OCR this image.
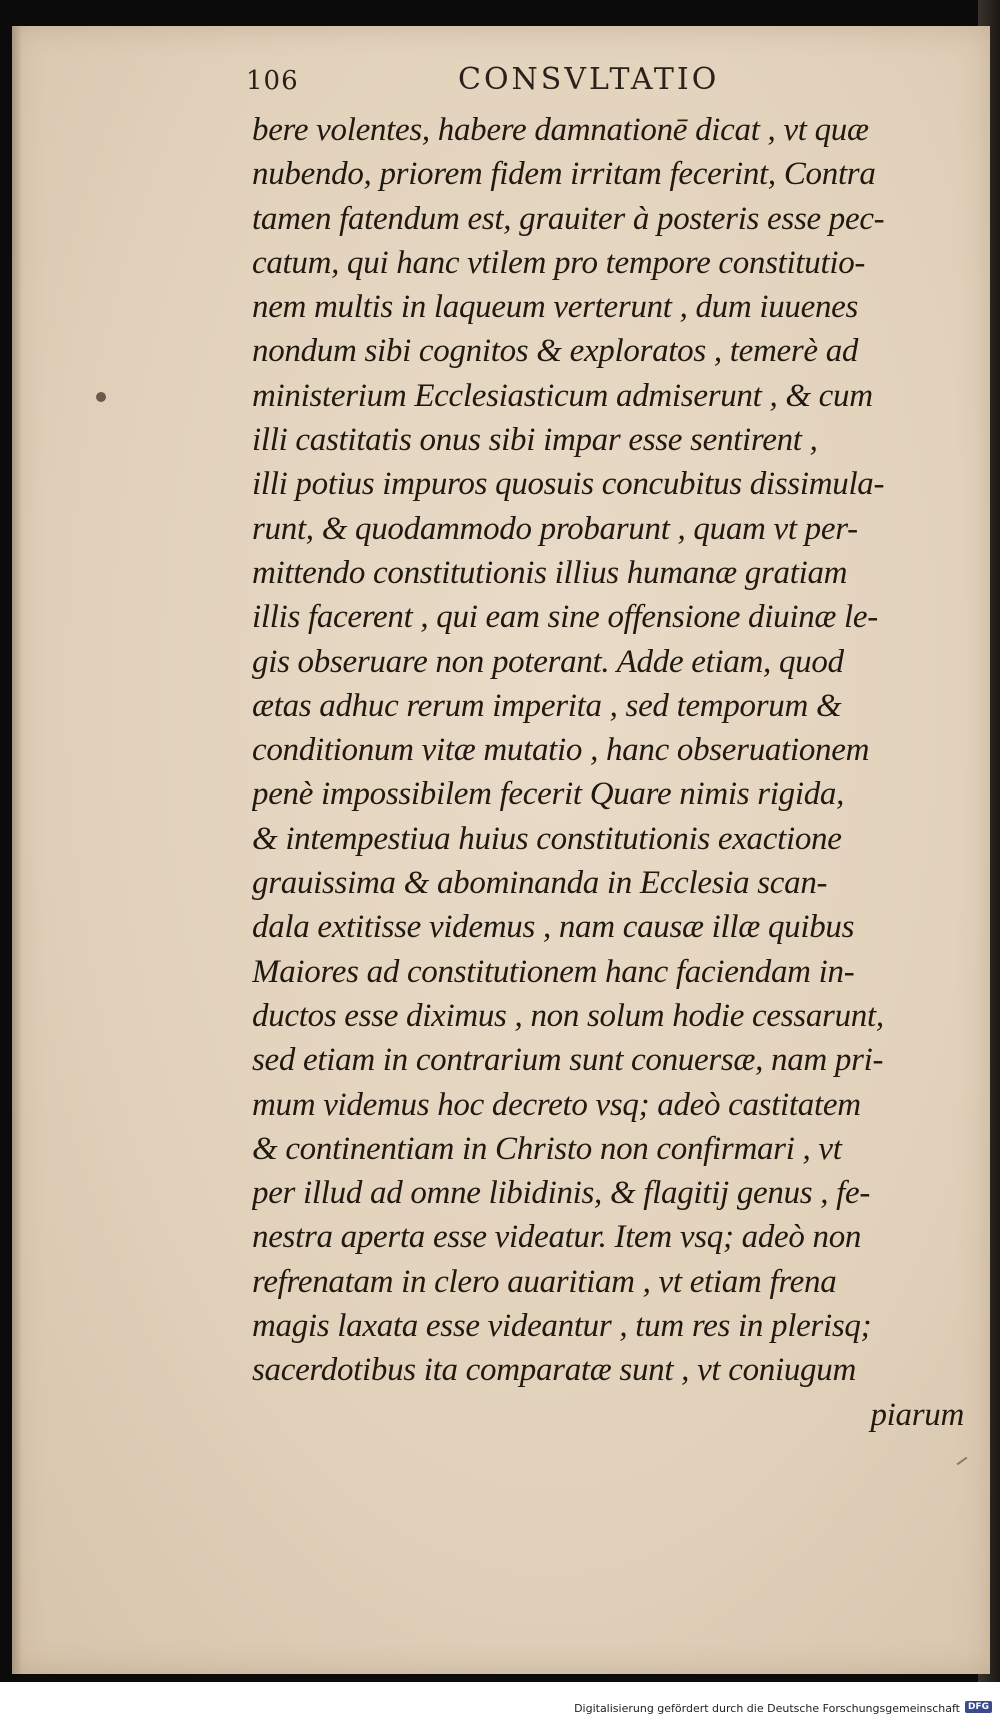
106	CONSVLTATIO
bere volentes, habere damnationē dicat , vt quæ
nubendo, priorem fidem irritam fecerint, Contra
tamen fatendum est, grauiter à posteris esse pec-
catum, qui hanc vtilem pro tempore constitutio-
nem multis in laqueum verterunt , dum iuuenes
nondum sibi cognitos & exploratos , temerè ad
ministerium Ecclesiasticum admiserunt , & cum
illi castitatis onus sibi impar esse sentirent ,
illi potius impuros quosuis concubitus dissimula-
runt, & quodammodo probarunt , quam vt per-
mittendo constitutionis illius humanæ gratiam
illis facerent , qui eam sine offensione diuinæ le-
gis obseruare non poterant. Adde etiam, quod
ætas adhuc rerum imperita , sed temporum &
conditionum vitæ mutatio , hanc obseruationem
penè impossibilem fecerit Quare nimis rigida,
& intempestiua huius constitutionis exactione
grauissima & abominanda in Ecclesia scan-
dala extitisse videmus , nam causæ illæ quibus
Maiores ad constitutionem hanc faciendam in-
ductos esse diximus , non solum hodie cessarunt,
sed etiam in contrarium sunt conuersæ, nam pri-
mum videmus hoc decreto vsq; adeò castitatem
& continentiam in Christo non confirmari , vt
per illud ad omne libidinis, & flagitij genus , fe-
nestra aperta esse videatur. Item vsq; adeò non
refrenatam in clero auaritiam , vt etiam frena
magis laxata esse videantur , tum res in plerisq;
sacerdotibus ita comparatæ sunt , vt coniugum
piarum
Digitalisierung gefördert durch die Deutsche Forschungsgemeinschaft DFG
